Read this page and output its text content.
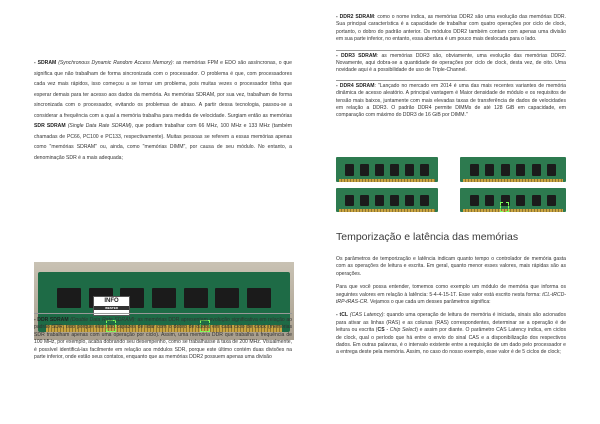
- SDRAM (Synchronous Dynamic Random Access Memory): as memórias FPM e EDO são assíncronas, o que significa que não trabalham de forma sincronizada com o processador. O problema é que, com processadores cada vez mais rápidos, isso começou a se tornar um problema, pois muitas vezes o processador tinha que esperar demais para ter acesso aos dados da memória. As memórias SDRAM, por sua vez, trabalham de forma sincronizada com o processador, evitando os problemas de atraso. A partir dessa tecnologia, passou-se a considerar a frequência com a qual a memória trabalha para medida de velocidade. Surgiam então as memórias SDR SDRAM (Single Data Rate SDRAM), que podiam trabalhar com 66 MHz, 100 MHz e 133 MHz (também chamadas de PC66, PC100 e PC133, respectivamente). Muitas pessoas se referem a essas memórias apenas como "memórias SDRAM" ou, ainda, como "memórias DIMM", por causa de seu módulo. No entanto, a denominação SDR é a mais adequada;

INFO
WESTER

- DDR SDRAM (Double Data Rate SDRAM): as memórias DDR apresentam evolução significativa em relação ao padrão SDR, isso porque elas são capazes de lidar com o dobro de dados em cada ciclo de clock (memórias SDR trabalham apenas com uma operação por ciclo). Assim, uma memória DDR que trabalha à frequência de 100 MHz, por exemplo, acaba dobrando seu desempenho, como se trabalhasse à taxa de 200 MHz. Visualmente, é possível identificá-las facilmente em relação aos módulos SDR, porque este último contém duas divisões na parte inferior, onde estão seus contatos, enquanto que as memórias DDR2 possuem apenas uma divisão

- DDR2 SDRAM: como o nome indica, as memórias DDR2 são uma evolução das memórias DDR. Sua principal característica é a capacidade de trabalhar com quatro operações por ciclo de clock, portanto, o dobro do padrão anterior. Os módulos DDR2 também contam com apenas uma divisão em sua parte inferior, no entanto, essa abertura é um pouco mais deslocada para o lado.

- DDR3 SDRAM: as memórias DDR3 são, obviamente, uma evolução das memórias DDR2. Novamente, aqui dobra-se a quantidade de operações por ciclo de clock, desta vez, de oito. Uma novidade aqui é a possibilidade de uso de Triple-Channel.

- DDR4 SDRAM: "Lançado no mercado em 2014 é uma das mais recentes variantes de memória dinâmica de acesso aleatório. A principal vantagem é Maior densidade de módulo e os requisitos de tensão mais baixos, juntamente com mais elevadas taxas de transferência de dados de velocidades em relação a DDR3. O padrão DDR4 permite DIMMs de até 128 GiB em capacidade, em comparação com máximo do DDR3 de 16 GiB por DIMM."

Temporização e latência das memórias

Os parâmetros de temporização e latência indicam quanto tempo o controlador de memória gasta com as operações de leitura e escrita. Em geral, quanto menor esses valores, mais rápidas são as operações.

Para que você possa entender, tomemos como exemplo um módulo de memória que informa os seguintes valores em relação à latência: 5-4-4-15-1T. Esse valor está escrito nesta forma: tCL-tRCD-tRP-tRAS-CR. Vejamos o que cada um desses parâmetros significa:

- tCL (CAS Latency): quando uma operação de leitura de memória é iniciada, sinais são acionados para ativar as linhas (RAS) e as colunas (RAS) correspondentes, determinar se a operação é de leitura ou escrita (CS - Chip Select) e assim por diante. O parâmetro CAS Latency indica, em ciclos de clock, qual o período que há entre o envio do sinal CAS e a disponibilização dos respectivos dados. Em outras palavras, é o intervalo existente entre a requisição de um dado pelo processador e a entrega deste pela memória. Assim, no caso do nosso exemplo, esse valor é de 5 ciclos de clock;
